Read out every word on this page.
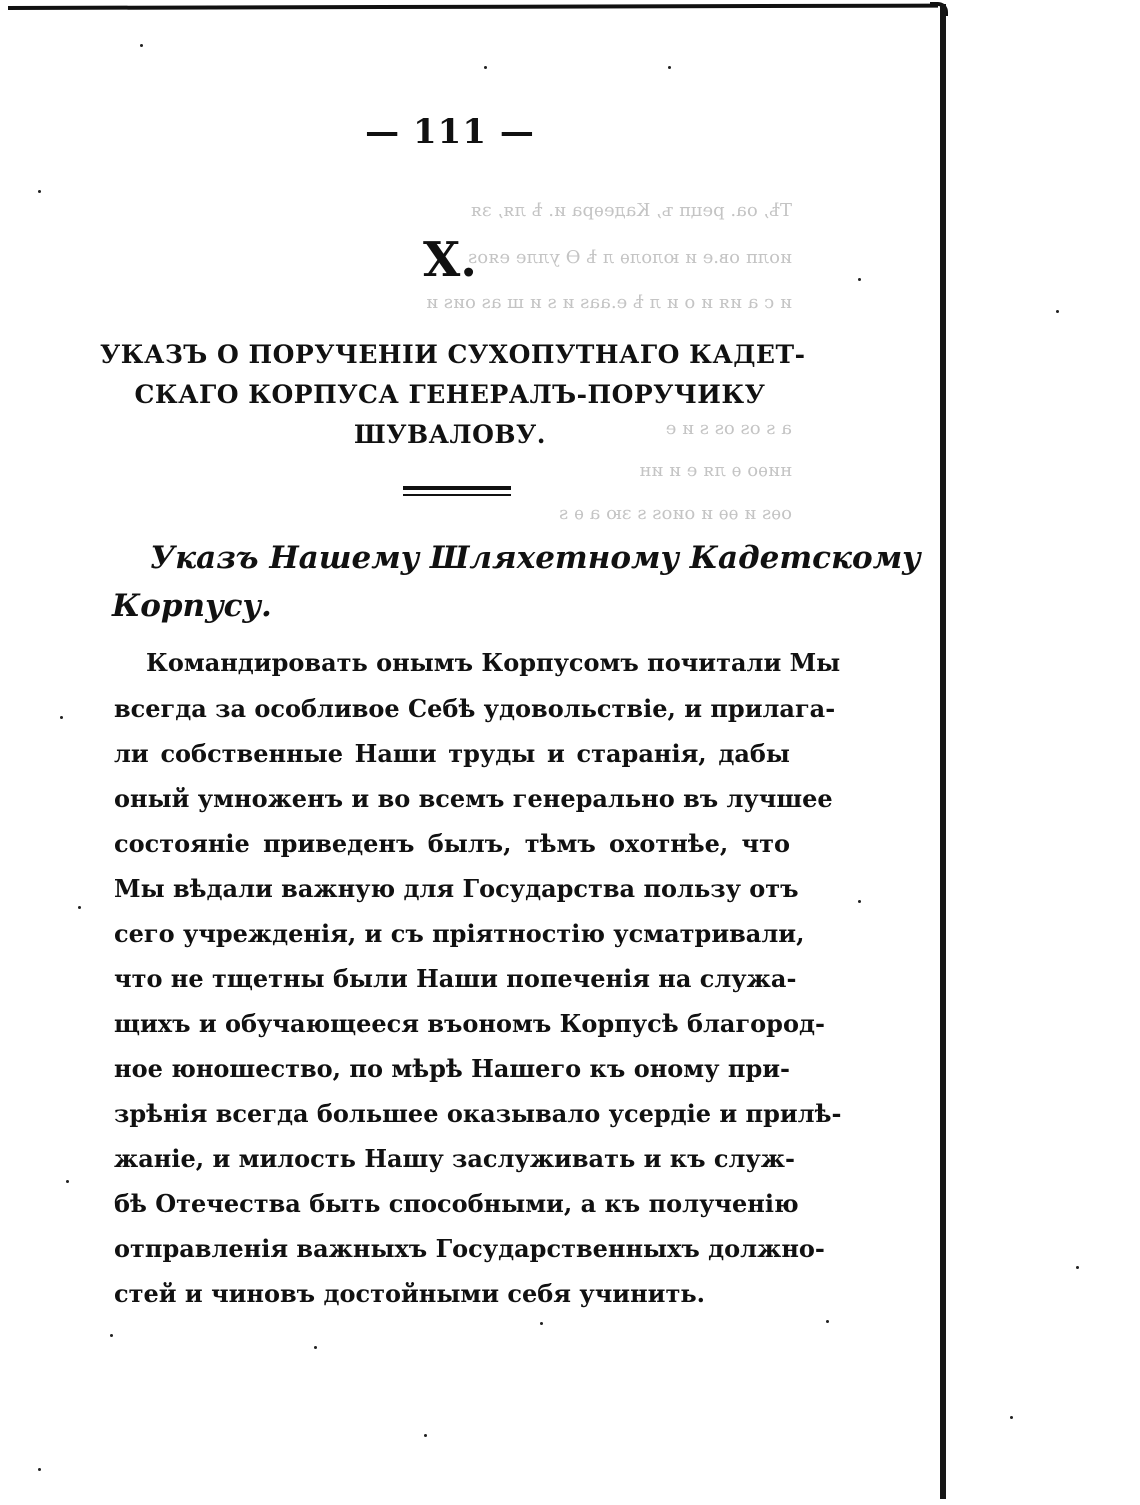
— 111 —
Тѣ, оа. рецп ъ, Кадеѳра и. ѣ ля, зя
иолп ов.е и юлолѳ л ѣ Ѳ улле еяоѕ
и с а ия и о и л ѣ е.ааѕ и ѕ и ш аѕ оиѕ и
а ѕ оѕ оѕ ѕ и е
ниѳо ѳ ля е и ин
оѳѕ и ѳѳ и оиоѕ ѕ зю а ѳ ѕ
X.
УКАЗЪ О ПОРУЧЕНІИ СУХОПУТНАГО КАДЕТ-
СКАГО КОРПУСА ГЕНЕРАЛЪ-ПОРУЧИКУ
ШУВАЛОВУ.
Указъ Нашему Шляхетному Кадетскому
Корпусу.
Командировать онымъ Корпусомъ почитали Мы
всегда за особливое Себѣ удовольствіе, и прилага-
ли собственные Наши труды и старанія, дабы
оный умноженъ и во всемъ генерально въ лучшее
состояніе приведенъ былъ, тѣмъ охотнѣе, что
Мы вѣдали важную для Государства пользу отъ
сего учрежденія, и съ пріятностію усматривали,
что не тщетны были Наши попеченія на служа-
щихъ и обучающееся въономъ Корпусѣ благород-
ное юношество, по мѣрѣ Нашего къ оному при-
зрѣнія всегда большее оказывало усердіе и прилѣ-
жаніе, и милость Нашу заслуживать и къ служ-
бѣ Отечества быть способными, а къ полученію
отправленія важныхъ Государственныхъ должно-
стей и чиновъ достойными себя учинить.
